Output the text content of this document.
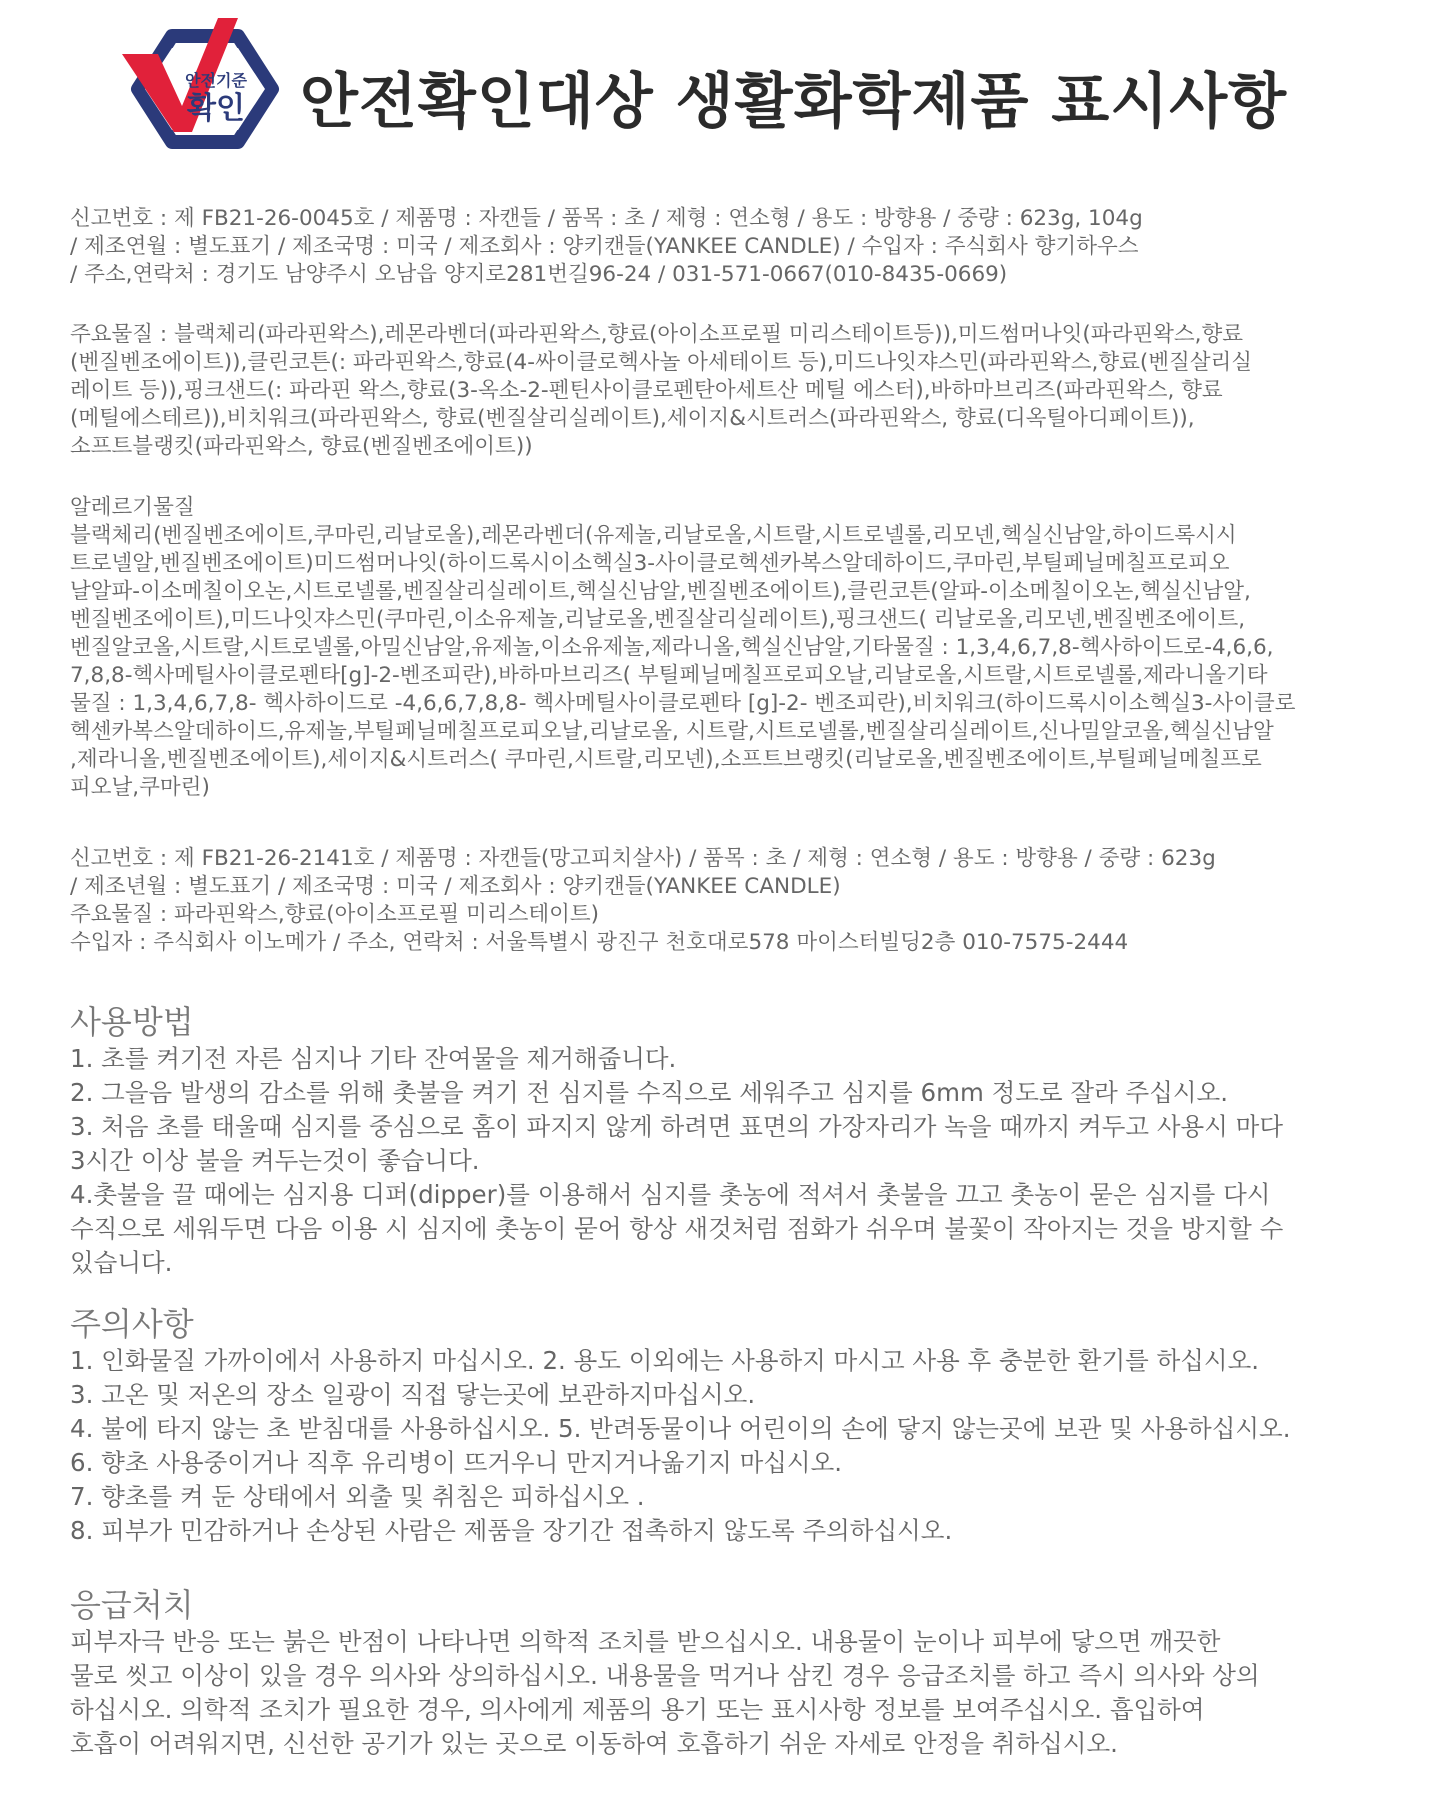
안전기준
확인 안전확인대상 생활화학제품 표시사항

신고번호 : 제 FB21-26-0045호 / 제품명 : 자캔들 / 품목 : 초 / 제형 : 연소형 / 용도 : 방향용 / 중량 : 623g, 104g

/ 제조연월 : 별도표기 / 제조국명 : 미국 / 제조회사 : 양키캔들(YANKEE CANDLE) / 수입자 : 주식회사 향기하우스

/ 주소,연락처 : 경기도 남양주시 오남읍 양지로281번길96-24 / 031-571-0667(010-8435-0669)

주요물질 : 블랙체리(파라핀왁스),레몬라벤더(파라핀왁스,향료(아이소프로필 미리스테이트등)),미드썸머나잇(파라핀왁스,향료

(벤질벤조에이트)),클린코튼(: 파라핀왁스,향료(4-싸이클로헥사놀 아세테이트 등),미드나잇쟈스민(파라핀왁스,향료(벤질살리실

레이트 등)),핑크샌드(: 파라핀 왁스,향료(3-옥소-2-펜틴사이클로펜탄아세트산 메틸 에스터),바하마브리즈(파라핀왁스, 향료

(메틸에스테르)),비치워크(파라핀왁스, 향료(벤질살리실레이트),세이지&시트러스(파라핀왁스, 향료(디옥틸아디페이트)),

소프트블랭킷(파라핀왁스, 향료(벤질벤조에이트))

알레르기물질

블랙체리(벤질벤조에이트,쿠마린,리날로올),레몬라벤더(유제놀,리날로올,시트랄,시트로넬롤,리모넨,헥실신남알,하이드록시시

트로넬알,벤질벤조에이트)미드썸머나잇(하이드록시이소헥실3-사이클로헥센카복스알데하이드,쿠마린,부틸페닐메칠프로피오

날알파-이소메칠이오논,시트로넬롤,벤질살리실레이트,헥실신남알,벤질벤조에이트),클린코튼(알파-이소메칠이오논,헥실신남알,

벤질벤조에이트),미드나잇쟈스민(쿠마린,이소유제놀,리날로올,벤질살리실레이트),핑크샌드( 리날로올,리모넨,벤질벤조에이트,

벤질알코올,시트랄,시트로넬롤,아밀신남알,유제놀,이소유제놀,제라니올,헥실신남알,기타물질 : 1,3,4,6,7,8-헥사하이드로-4,6,6,

7,8,8-헥사메틸사이클로펜타[g]-2-벤조피란),바하마브리즈( 부틸페닐메칠프로피오날,리날로올,시트랄,시트로넬롤,제라니올기타

물질 : 1,3,4,6,7,8- 헥사하이드로 -4,6,6,7,8,8- 헥사메틸사이클로펜타 [g]-2- 벤조피란),비치워크(하이드록시이소헥실3-사이클로

헥센카복스알데하이드,유제놀,부틸페닐메칠프로피오날,리날로올, 시트랄,시트로넬롤,벤질살리실레이트,신나밀알코올,헥실신남알

,제라니올,벤질벤조에이트),세이지&시트러스( 쿠마린,시트랄,리모넨),소프트브랭킷(리날로올,벤질벤조에이트,부틸페닐메칠프로

피오날,쿠마린)

신고번호 : 제 FB21-26-2141호 / 제품명 : 자캔들(망고피치살사) / 품목 : 초 / 제형 : 연소형 / 용도 : 방향용 / 중량 : 623g

/ 제조년월 : 별도표기 / 제조국명 : 미국 / 제조회사 : 양키캔들(YANKEE CANDLE)

주요물질 : 파라핀왁스,향료(아이소프로필 미리스테이트)

수입자 : 주식회사 이노메가 / 주소, 연락처 : 서울특별시 광진구 천호대로578 마이스터빌딩2층 010-7575-2444

사용방법

1. 초를 켜기전 자른 심지나 기타 잔여물을 제거해줍니다.

2. 그을음 발생의 감소를 위해 촛불을 켜기 전 심지를 수직으로 세워주고 심지를 6mm 정도로 잘라 주십시오.

3. 처음 초를 태울때 심지를 중심으로 홈이 파지지 않게 하려면 표면의 가장자리가 녹을 때까지 켜두고 사용시 마다

3시간 이상 불을 켜두는것이 좋습니다.

4.촛불을 끌 때에는 심지용 디퍼(dipper)를 이용해서 심지를 촛농에 적셔서 촛불을 끄고 촛농이 묻은 심지를 다시

수직으로 세워두면 다음 이용 시 심지에 촛농이 묻어 항상 새것처럼 점화가 쉬우며 불꽃이 작아지는 것을 방지할 수

있습니다.

주의사항

1. 인화물질 가까이에서 사용하지 마십시오. 2. 용도 이외에는 사용하지 마시고 사용 후 충분한 환기를 하십시오.

3. 고온 및 저온의 장소 일광이 직접 닿는곳에 보관하지마십시오.

4. 불에 타지 않는 초 받침대를 사용하십시오. 5. 반려동물이나 어린이의 손에 닿지 않는곳에 보관 및 사용하십시오.

6. 향초 사용중이거나 직후 유리병이 뜨거우니 만지거나옮기지 마십시오.

7. 향초를 켜 둔 상태에서 외출 및 취침은 피하십시오 .

8. 피부가 민감하거나 손상된 사람은 제품을 장기간 접촉하지 않도록 주의하십시오.

응급처치

피부자극 반응 또는 붉은 반점이 나타나면 의학적 조치를 받으십시오. 내용물이 눈이나 피부에 닿으면 깨끗한

물로 씻고 이상이 있을 경우 의사와 상의하십시오. 내용물을 먹거나 삼킨 경우 응급조치를 하고 즉시 의사와 상의

하십시오. 의학적 조치가 필요한 경우, 의사에게 제품의 용기 또는 표시사항 정보를 보여주십시오. 흡입하여

호흡이 어려워지면, 신선한 공기가 있는 곳으로 이동하여 호흡하기 쉬운 자세로 안정을 취하십시오.
